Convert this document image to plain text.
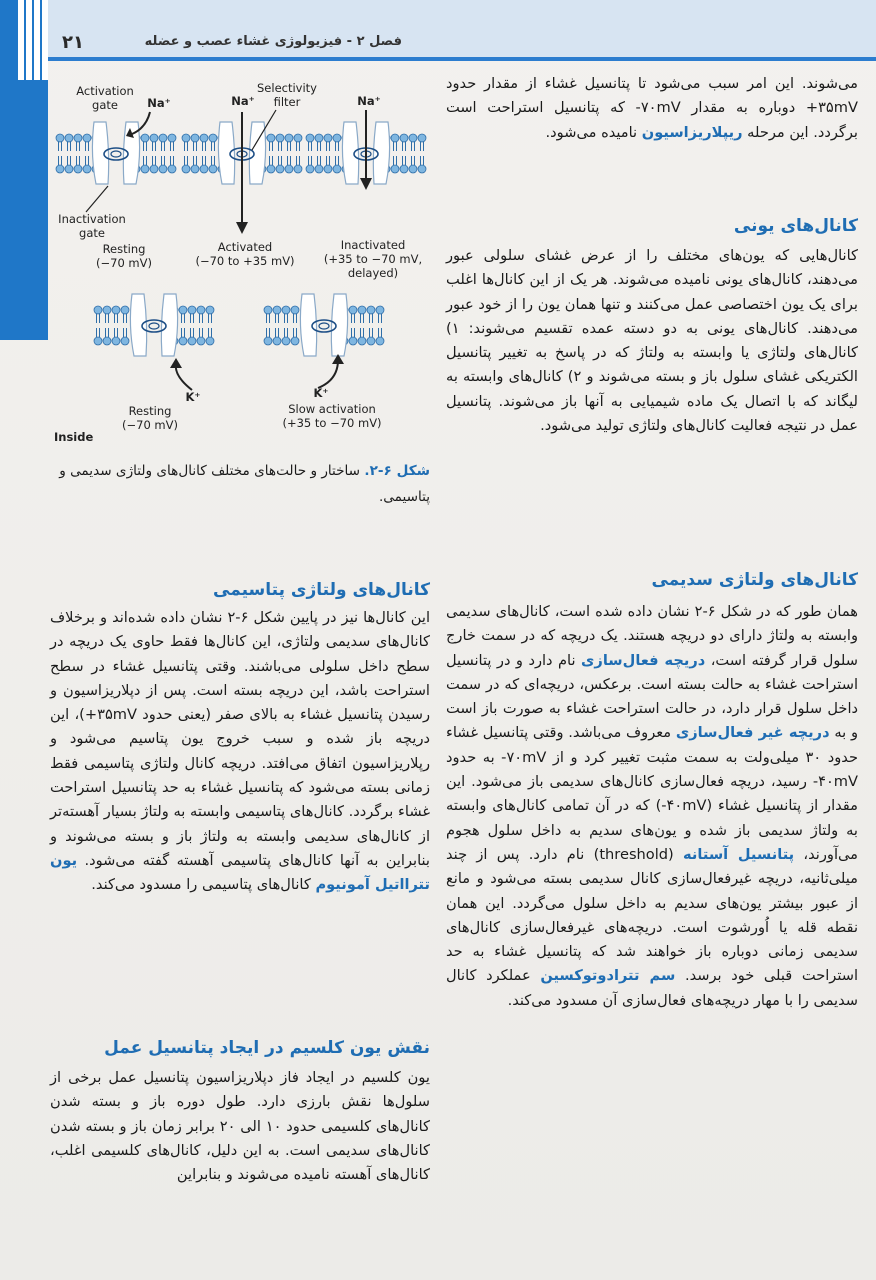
۲۱	فصل ۲ - فیزیولوژی غشاء عصب و عضله
Activation
gate	Na⁺	Na⁺
Selectivity
filter	Na⁺
Inactivation
gate
Resting
(−70 mV)
Activated
(−70 to +35 mV)
Inactivated
(+35 to −70 mV,
delayed)
K⁺	K⁺
Resting
(−70 mV)
Slow activation
(+35 to −70 mV)
Inside
شکل ۶-۲. ساختار و حالت‌های مختلف کانال‌های ولتاژی سدیمی و پتاسیمی.
می‌شوند. این امر سبب می‌شود تا پتانسیل غشاء از مقدار حدود ۳۵mV+ دوباره به مقدار ۷۰mV- که پتانسیل استراحت است برگردد. این مرحله ریپلاریزاسیون نامیده می‌شود.
کانال‌های یونی
کانال‌هایی که یون‌های مختلف را از عرض غشای سلولی عبور می‌دهند، کانال‌های یونی نامیده می‌شوند. هر یک از این کانال‌ها اغلب برای یک یون اختصاصی عمل می‌کنند و تنها همان یون را از خود عبور می‌دهند. کانال‌های یونی به دو دسته عمده تقسیم می‌شوند: ۱) کانال‌های ولتاژی یا وابسته به ولتاژ که در پاسخ به تغییر پتانسیل الکتریکی غشای سلول باز و بسته می‌شوند و ۲) کانال‌های وابسته به لیگاند که با اتصال یک ماده شیمیایی به آنها باز می‌شوند. پتانسیل عمل در نتیجه فعالیت کانال‌های ولتاژی تولید می‌شود.
کانال‌های ولتاژی سدیمی
همان طور که در شکل ۶-۲ نشان داده شده است، کانال‌های سدیمی وابسته به ولتاژ دارای دو دریچه هستند. یک دریچه که در سمت خارج سلول قرار گرفته است، دریچه فعال‌سازی نام دارد و در پتانسیل استراحت غشاء به حالت بسته است. برعکس، دریچه‌ای که در سمت داخل سلول قرار دارد، در حالت استراحت غشاء به صورت باز است و به دریچه غیر فعال‌سازی معروف می‌باشد. وقتی پتانسیل غشاء حدود ۳۰ میلی‌ولت به سمت مثبت تغییر کرد و از ۷۰mV- به حدود ۴۰mV- رسید، دریچه فعال‌سازی کانال‌های سدیمی باز می‌شود. این مقدار از پتانسیل غشاء (۴۰mV-) که در آن تمامی کانال‌های وابسته به ولتاژ سدیمی باز شده و یون‌های سدیم به داخل سلول هجوم می‌آورند، پتانسیل آستانه (threshold) نام دارد. پس از چند میلی‌ثانیه، دریچه غیرفعال‌سازی کانال سدیمی بسته می‌شود و مانع از عبور بیشتر یون‌های سدیم به داخل سلول می‌گردد. این همان نقطه قله یا اُورشوت است. دریچه‌های غیرفعال‌سازی کانال‌های سدیمی زمانی دوباره باز خواهند شد که پتانسیل غشاء به حد استراحت قبلی خود برسد. سم تترادوتوکسین عملکرد کانال سدیمی را با مهار دریچه‌های فعال‌سازی آن مسدود می‌کند.
کانال‌های ولتاژی پتاسیمی
این کانال‌ها نیز در پایین شکل ۶-۲ نشان داده شده‌اند و برخلاف کانال‌های سدیمی ولتاژی، این کانال‌ها فقط حاوی یک دریچه در سطح داخل سلولی می‌باشند. وقتی پتانسیل غشاء در سطح استراحت باشد، این دریچه بسته است. پس از دپلاریزاسیون و رسیدن پتانسیل غشاء به بالای صفر (یعنی حدود ۳۵mV+)، این دریچه باز شده و سبب خروج یون پتاسیم می‌شود و رپلاریزاسیون اتفاق می‌افتد. دریچه کانال ولتاژی پتاسیمی فقط زمانی بسته می‌شود که پتانسیل غشاء به حد پتانسیل استراحت غشاء برگردد. کانال‌های پتاسیمی وابسته به ولتاژ بسیار آهسته‌تر از کانال‌های سدیمی وابسته به ولتاژ باز و بسته می‌شوند و بنابراین به آنها کانال‌های پتاسیمی آهسته گفته می‌شود. یون تترااتیل آمونیوم کانال‌های پتاسیمی را مسدود می‌کند.
نقش یون کلسیم در ایجاد پتانسیل عمل
یون کلسیم در ایجاد فاز دپلاریزاسیون پتانسیل عمل برخی از سلول‌ها نقش بارزی دارد. طول دوره باز و بسته شدن کانال‌های کلسیمی حدود ۱۰ الی ۲۰ برابر زمان باز و بسته شدن کانال‌های سدیمی است. به این دلیل، کانال‌های کلسیمی اغلب، کانال‌های آهسته نامیده می‌شوند و بنابراین
